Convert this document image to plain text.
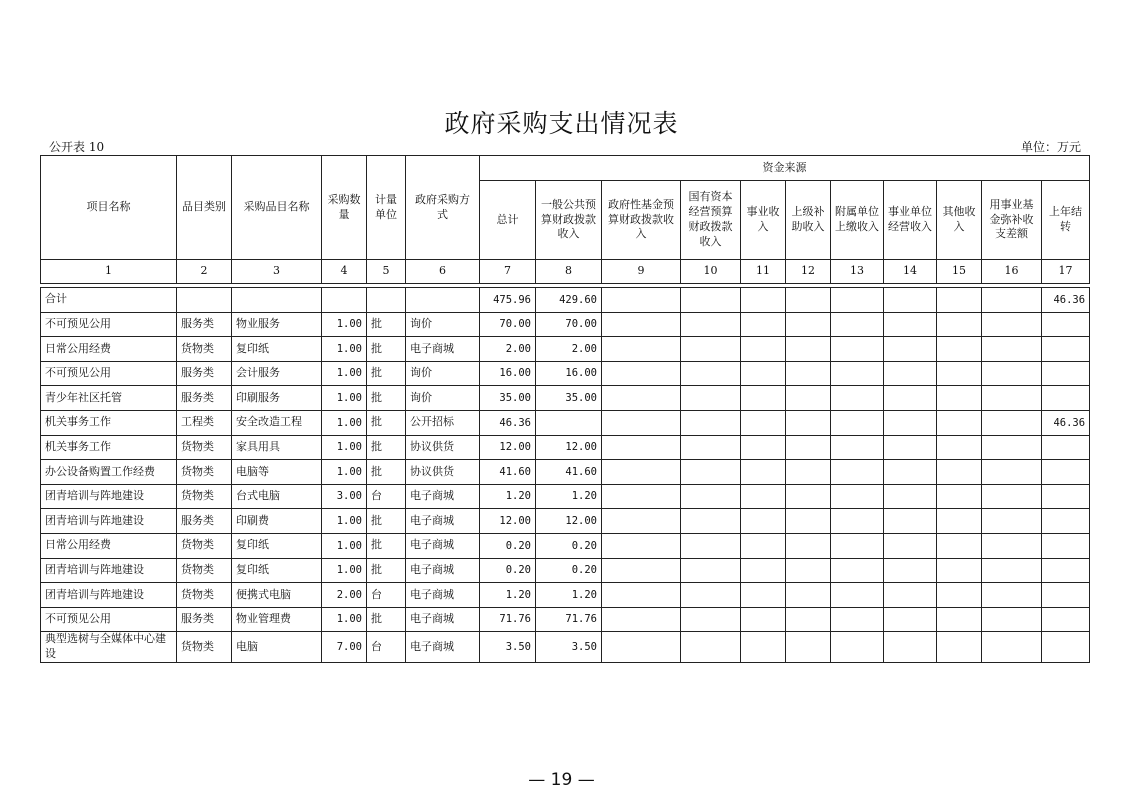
政府采购支出情况表
公开表 10	单位：万元
项目名称	品目类别	采购品目名称	采购数量	计量单位	政府采购方式	资金来源										
						总计	一般公共预算财政拨款收入	政府性基金预算财政拨款收入	国有资本经营预算财政拨款收入	事业收入	上级补助收入	附属单位上缴收入	事业单位经营收入	其他收入	用事业基金弥补收支差额	上年结转
1	2	3	4	5	6	7	8	9	10	11	12	13	14	15	16	17

合计						475.96	429.60									46.36
不可预见公用	服务类	物业服务	1.00	批	询价	70.00	70.00									
日常公用经费	货物类	复印纸	1.00	批	电子商城	2.00	2.00									
不可预见公用	服务类	会计服务	1.00	批	询价	16.00	16.00									
青少年社区托管	服务类	印刷服务	1.00	批	询价	35.00	35.00									
机关事务工作	工程类	安全改造工程	1.00	批	公开招标	46.36										46.36
机关事务工作	货物类	家具用具	1.00	批	协议供货	12.00	12.00									
办公设备购置工作经费	货物类	电脑等	1.00	批	协议供货	41.60	41.60									
团青培训与阵地建设	货物类	台式电脑	3.00	台	电子商城	1.20	1.20									
团青培训与阵地建设	服务类	印刷费	1.00	批	电子商城	12.00	12.00									
日常公用经费	货物类	复印纸	1.00	批	电子商城	0.20	0.20									
团青培训与阵地建设	货物类	复印纸	1.00	批	电子商城	0.20	0.20									
团青培训与阵地建设	货物类	便携式电脑	2.00	台	电子商城	1.20	1.20									
不可预见公用	服务类	物业管理费	1.00	批	电子商城	71.76	71.76									
典型选树与全媒体中心建设	货物类	电脑	7.00	台	电子商城	3.50	3.50									
— 19 —
